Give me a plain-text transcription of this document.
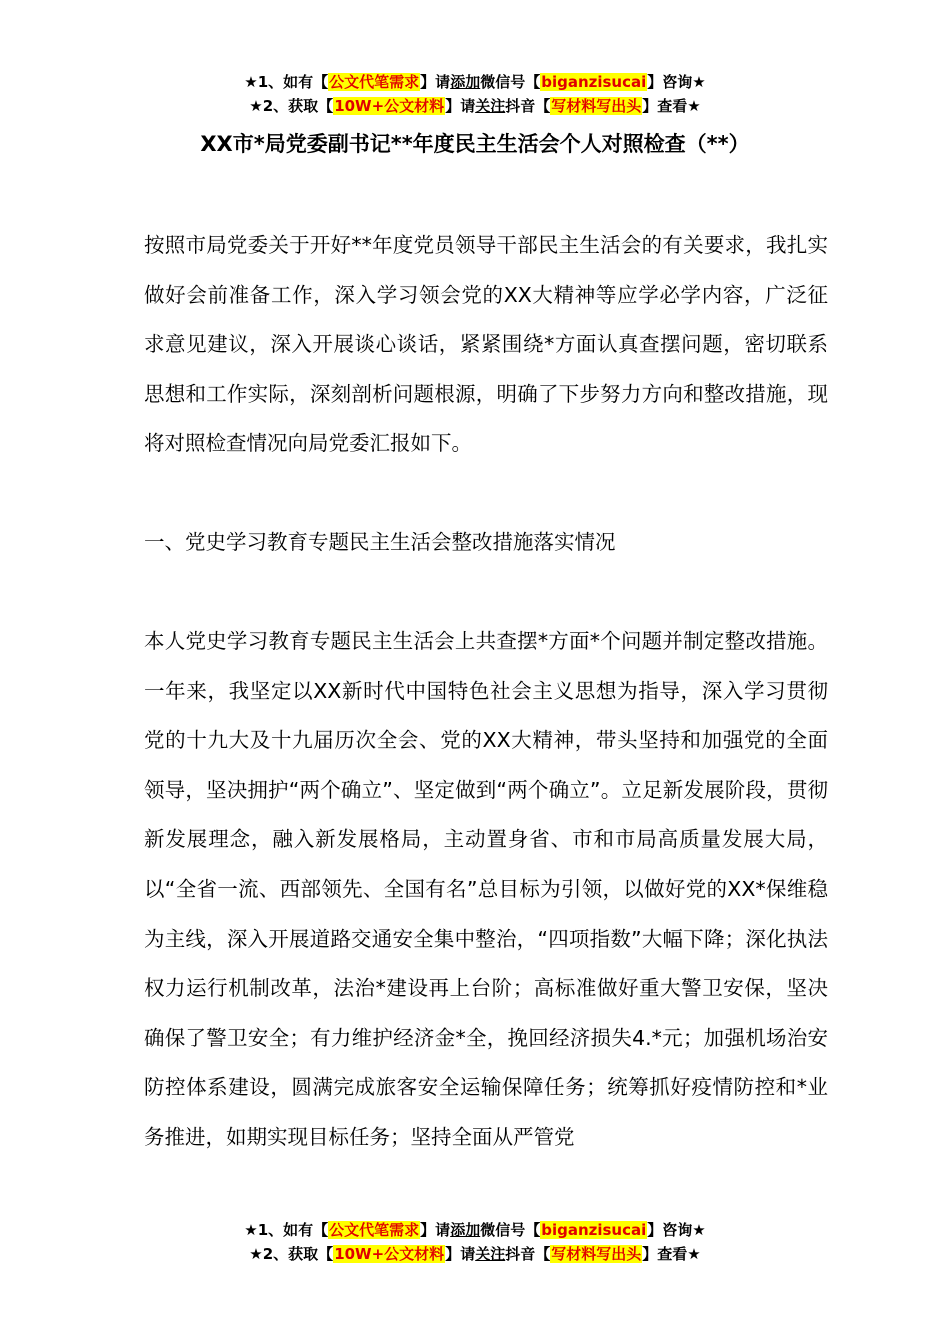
★1、如有【公文代笔需求】请添加微信号【biganzisucai】咨询★
★2、获取【10W+公文材料】请关注抖音【写材料写出头】查看★
XX市*局党委副书记**年度民主生活会个人对照检查（**）

按照市局党委关于开好**年度党员领导干部民主生活会的有关要求，我扎实做好会前准备工作，深入学习领会党的XX大精神等应学必学内容，广泛征求意见建议，深入开展谈心谈话，紧紧围绕*方面认真查摆问题，密切联系思想和工作实际，深刻剖析问题根源，明确了下步努力方向和整改措施，现将对照检查情况向局党委汇报如下。

一、党史学习教育专题民主生活会整改措施落实情况

本人党史学习教育专题民主生活会上共查摆*方面*个问题并制定整改措施。一年来，我坚定以XX新时代中国特色社会主义思想为指导，深入学习贯彻党的十九大及十九届历次全会、党的XX大精神，带头坚持和加强党的全面领导，坚决拥护“两个确立”、坚定做到“两个确立”。立足新发展阶段，贯彻新发展理念，融入新发展格局，主动置身省、市和市局高质量发展大局，以“全省一流、西部领先、全国有名”总目标为引领，以做好党的XX*保维稳为主线，深入开展道路交通安全集中整治，“四项指数”大幅下降；深化执法权力运行机制改革，法治*建设再上台阶；高标准做好重大警卫安保，坚决确保了警卫安全；有力维护经济金*全，挽回经济损失4.*元；加强机场治安防控体系建设，圆满完成旅客安全运输保障任务；统筹抓好疫情防控和*业务推进，如期实现目标任务；坚持全面从严管党

★1、如有【公文代笔需求】请添加微信号【biganzisucai】咨询★
★2、获取【10W+公文材料】请关注抖音【写材料写出头】查看★
